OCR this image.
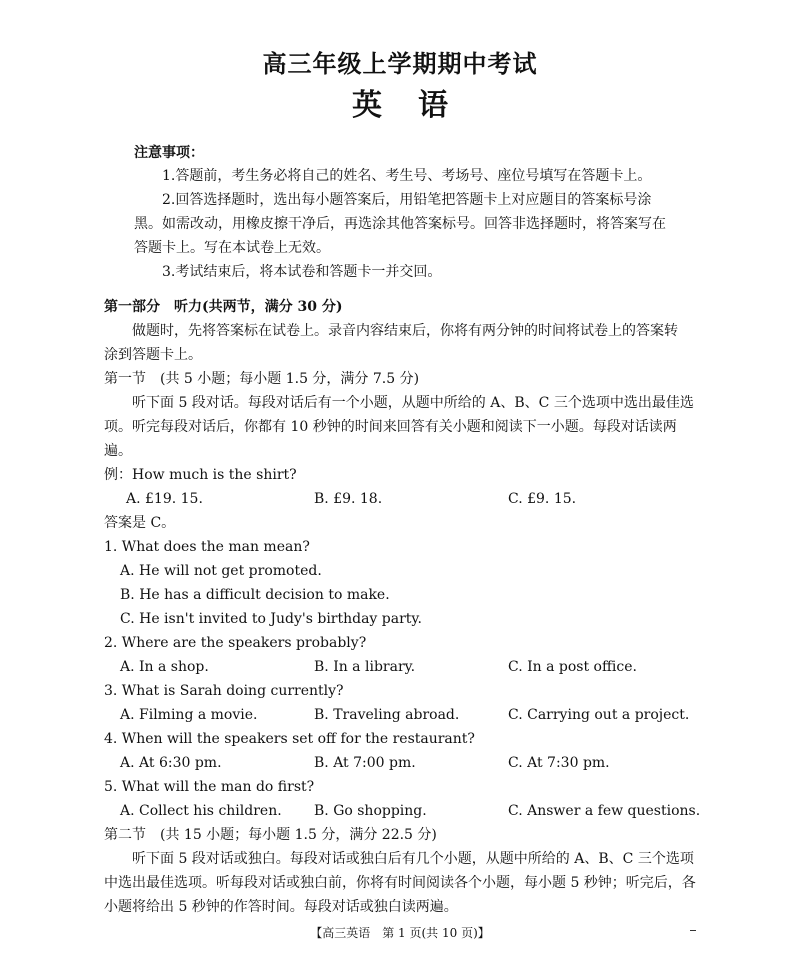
高三年级上学期期中考试
英语
注意事项：
1.答题前，考生务必将自己的姓名、考生号、考场号、座位号填写在答题卡上。
2.回答选择题时，选出每小题答案后，用铅笔把答题卡上对应题目的答案标号涂
黑。如需改动，用橡皮擦干净后，再选涂其他答案标号。回答非选择题时，将答案写在
答题卡上。写在本试卷上无效。
3.考试结束后，将本试卷和答题卡一并交回。
第一部分　听力(共两节，满分 30 分)
做题时，先将答案标在试卷上。录音内容结束后，你将有两分钟的时间将试卷上的答案转
涂到答题卡上。
第一节　(共 5 小题；每小题 1.5 分，满分 7.5 分)
听下面 5 段对话。每段对话后有一个小题，从题中所给的 A、B、C 三个选项中选出最佳选
项。听完每段对话后，你都有 10 秒钟的时间来回答有关小题和阅读下一小题。每段对话读两
遍。
例：How much is the shirt?
A. £19. 15.	B. £9. 18.	C. £9. 15.
答案是 C。
1. What does the man mean?
A. He will not get promoted.
B. He has a difficult decision to make.
C. He isn't invited to Judy's birthday party.
2. Where are the speakers probably?
A. In a shop.	B. In a library.	C. In a post office.
3. What is Sarah doing currently?
A. Filming a movie.	B. Traveling abroad.	C. Carrying out a project.
4. When will the speakers set off for the restaurant?
A. At 6:30 pm.	B. At 7:00 pm.	C. At 7:30 pm.
5. What will the man do first?
A. Collect his children. B. Go shopping.	C. Answer a few questions.
第二节　(共 15 小题；每小题 1.5 分，满分 22.5 分)
听下面 5 段对话或独白。每段对话或独白后有几个小题，从题中所给的 A、B、C 三个选项
中选出最佳选项。听每段对话或独白前，你将有时间阅读各个小题，每小题 5 秒钟；听完后，各
小题将给出 5 秒钟的作答时间。每段对话或独白读两遍。
【高三英语　第 1 页(共 10 页)】
